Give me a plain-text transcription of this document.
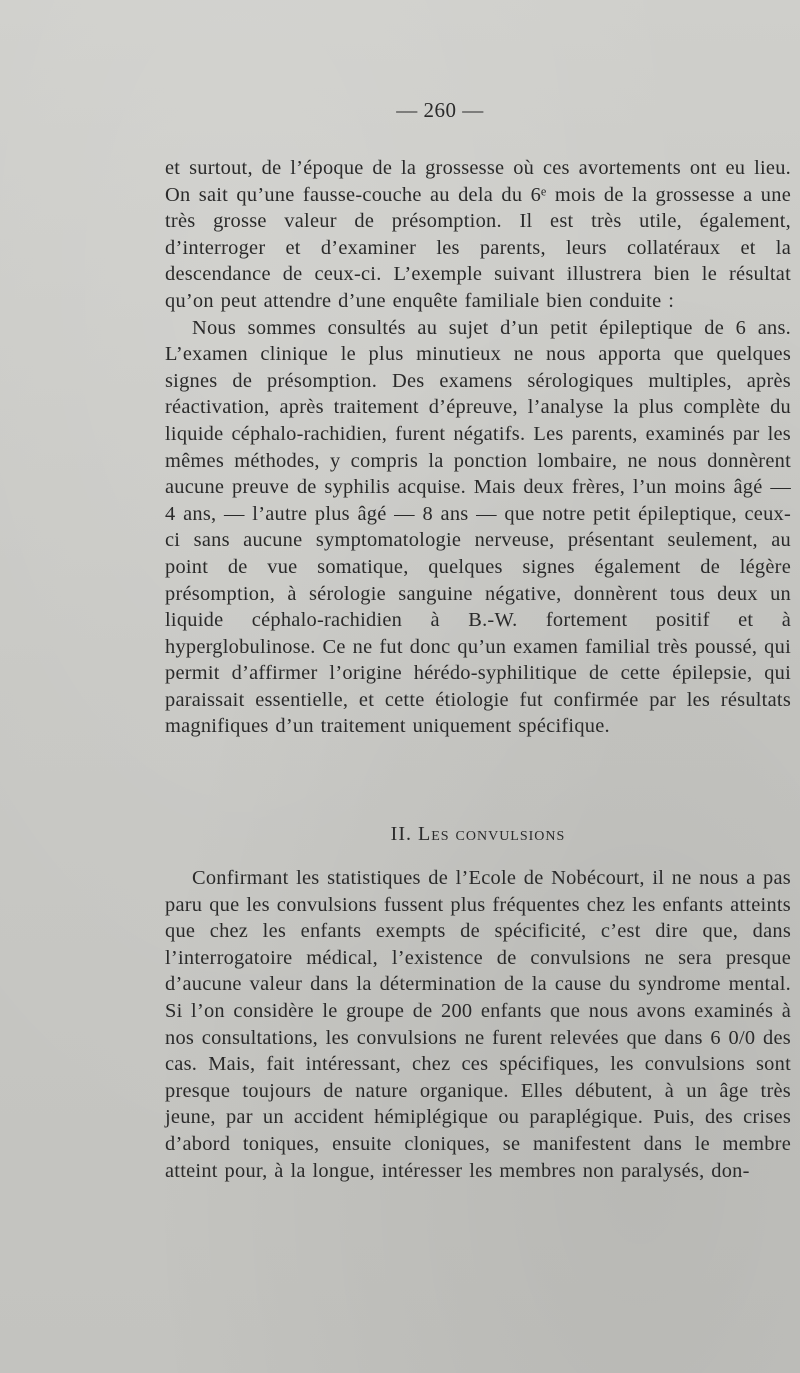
— 260 —

et surtout, de l’époque de la grossesse où ces avortements ont eu lieu. On sait qu’une fausse-couche au dela du 6ᵉ mois de la grossesse a une très grosse valeur de présomption. Il est très utile, également, d’interroger et d’examiner les parents, leurs collatéraux et la descendance de ceux-ci. L’exemple suivant illustrera bien le résultat qu’on peut attendre d’une enquête familiale bien conduite :

Nous sommes consultés au sujet d’un petit épileptique de 6 ans. L’examen clinique le plus minutieux ne nous apporta que quelques signes de présomption. Des examens sérologiques multiples, après réactivation, après traitement d’épreuve, l’analyse la plus complète du liquide céphalo-rachidien, furent négatifs. Les parents, examinés par les mêmes méthodes, y compris la ponction lombaire, ne nous donnèrent aucune preuve de syphilis acquise. Mais deux frères, l’un moins âgé — 4 ans, — l’autre plus âgé — 8 ans — que notre petit épileptique, ceux-ci sans aucune symptomatologie nerveuse, présentant seulement, au point de vue somatique, quelques signes également de légère présomption, à sérologie sanguine négative, donnèrent tous deux un liquide céphalo-rachidien à B.-W. fortement positif et à hyperglobulinose. Ce ne fut donc qu’un examen familial très poussé, qui permit d’affirmer l’origine hérédo-syphilitique de cette épilepsie, qui paraissait essentielle, et cette étiologie fut confirmée par les résultats magnifiques d’un traitement uniquement spécifique.

II. Les convulsions

Confirmant les statistiques de l’Ecole de Nobécourt, il ne nous a pas paru que les convulsions fussent plus fréquentes chez les enfants atteints que chez les enfants exempts de spécificité, c’est dire que, dans l’interrogatoire médical, l’existence de convulsions ne sera presque d’aucune valeur dans la détermination de la cause du syndrome mental. Si l’on considère le groupe de 200 enfants que nous avons examinés à nos consultations, les convulsions ne furent relevées que dans 6 0/0 des cas. Mais, fait intéressant, chez ces spécifiques, les convulsions sont presque toujours de nature organique. Elles débutent, à un âge très jeune, par un accident hémiplégique ou paraplégique. Puis, des crises d’abord toniques, ensuite cloniques, se manifestent dans le membre atteint pour, à la longue, intéresser les membres non paralysés, don-
